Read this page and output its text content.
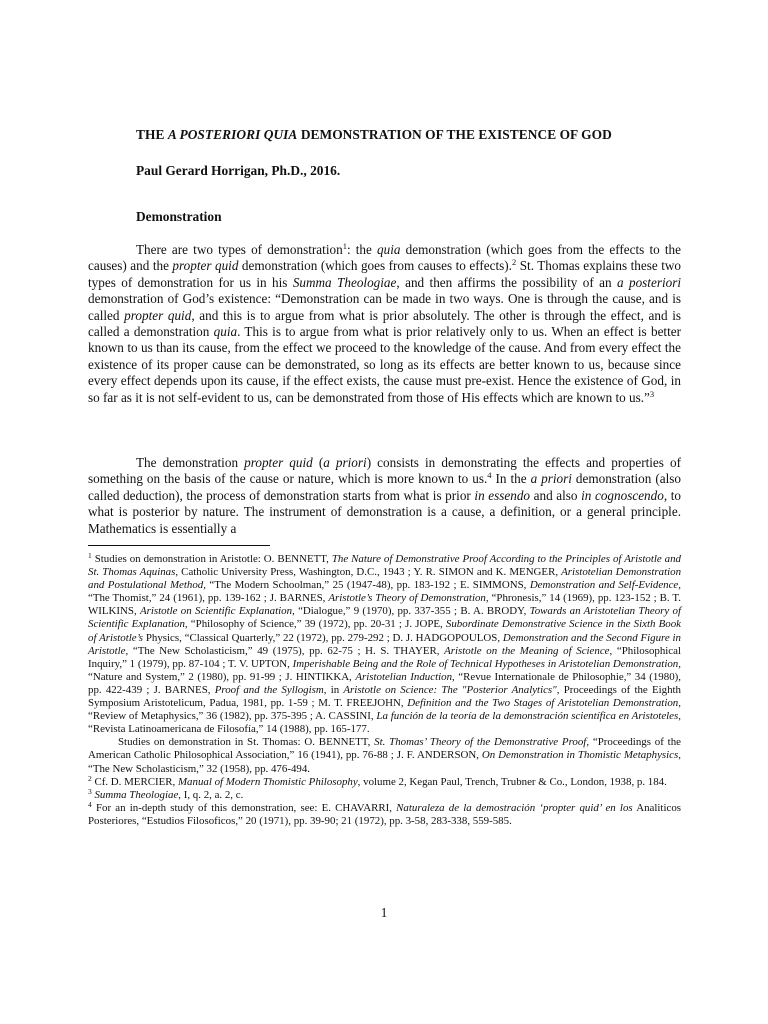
THE A POSTERIORI QUIA DEMONSTRATION OF THE EXISTENCE OF GOD
Paul Gerard Horrigan, Ph.D., 2016.
Demonstration
There are two types of demonstration$^1$: the quia demonstration (which goes from the effects to the causes) and the propter quid demonstration (which goes from causes to effects).$^2$ St. Thomas explains these two types of demonstration for us in his Summa Theologiae, and then affirms the possibility of an a posteriori demonstration of God’s existence: “Demonstration can be made in two ways. One is through the cause, and is called propter quid, and this is to argue from what is prior absolutely. The other is through the effect, and is called a demonstration quia. This is to argue from what is prior relatively only to us. When an effect is better known to us than its cause, from the effect we proceed to the knowledge of the cause. And from every effect the existence of its proper cause can be demonstrated, so long as its effects are better known to us, because since every effect depends upon its cause, if the effect exists, the cause must pre-exist. Hence the existence of God, in so far as it is not self-evident to us, can be demonstrated from those of His effects which are known to us.”$^3$
The demonstration propter quid (a priori) consists in demonstrating the effects and properties of something on the basis of the cause or nature, which is more known to us.$^4$ In the a priori demonstration (also called deduction), the process of demonstration starts from what is prior in essendo and also in cognoscendo, to what is posterior by nature. The instrument of demonstration is a cause, a definition, or a general principle. Mathematics is essentially a

$^1$ Studies on demonstration in Aristotle: O. BENNETT, The Nature of Demonstrative Proof According to the Principles of Aristotle and St. Thomas Aquinas, Catholic University Press, Washington, D.C., 1943 ; Y. R. SIMON and K. MENGER, Aristotelian Demonstration and Postulational Method, “The Modern Schoolman,” 25 (1947-48), pp. 183-192 ; E. SIMMONS, Demonstration and Self-Evidence, “The Thomist,” 24 (1961), pp. 139-162 ; J. BARNES, Aristotle’s Theory of Demonstration, “Phronesis,” 14 (1969), pp. 123-152 ; B. T. WILKINS, Aristotle on Scientific Explanation, “Dialogue,” 9 (1970), pp. 337-355 ; B. A. BRODY, Towards an Aristotelian Theory of Scientific Explanation, “Philosophy of Science,” 39 (1972), pp. 20-31 ; J. JOPE, Subordinate Demonstrative Science in the Sixth Book of Aristotle’s Physics, “Classical Quarterly,” 22 (1972), pp. 279-292 ; D. J. HADGOPOULOS, Demonstration and the Second Figure in Aristotle, “The New Scholasticism,” 49 (1975), pp. 62-75 ; H. S. THAYER, Aristotle on the Meaning of Science, “Philosophical Inquiry,” 1 (1979), pp. 87-104 ; T. V. UPTON, Imperishable Being and the Role of Technical Hypotheses in Aristotelian Demonstration, “Nature and System,” 2 (1980), pp. 91-99 ; J. HINTIKKA, Aristotelian Induction, “Revue Internationale de Philosophie,” 34 (1980), pp. 422-439 ; J. BARNES, Proof and the Syllogism, in Aristotle on Science: The "Posterior Analytics", Proceedings of the Eighth Symposium Aristotelicum, Padua, 1981, pp. 1-59 ; M. T. FREEJOHN, Definition and the Two Stages of Aristotelian Demonstration, “Review of Metaphysics,” 36 (1982), pp. 375-395 ; A. CASSINI, La función de la teoría de la demonstración scientífica en Aristoteles, “Revista Latinoamericana de Filosofía,” 14 (1988), pp. 165-177.

Studies on demonstration in St. Thomas: O. BENNETT, St. Thomas’ Theory of the Demonstrative Proof, “Proceedings of the American Catholic Philosophical Association,” 16 (1941), pp. 76-88 ; J. F. ANDERSON, On Demonstration in Thomistic Metaphysics, “The New Scholasticism,” 32 (1958), pp. 476-494.

$^2$ Cf. D. MERCIER, Manual of Modern Thomistic Philosophy, volume 2, Kegan Paul, Trench, Trubner & Co., London, 1938, p. 184.

$^3$ Summa Theologiae, I, q. 2, a. 2, c.

$^4$ For an in-depth study of this demonstration, see: E. CHAVARRI, Naturaleza de la demostración ‘propter quid’ en los Analiticos Posteriores, “Estudios Filosoficos,” 20 (1971), pp. 39-90; 21 (1972), pp. 3-58, 283-338, 559-585.

1
